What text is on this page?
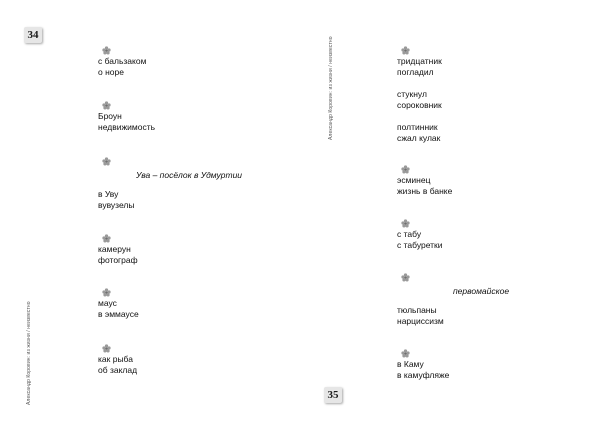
34
Александр Коровин: из жизни / неизвестно
с бальзаком
о норе
Броун
недвижимость
Ува – посёлок в Удмуртии
в Уву
вувузелы
камерун
фотограф
маус
в эммаусе
как рыба
об заклад
35
Александр Коровин: из жизни / неизвестно	тридцатник
погладил
стукнул
сороковник
полтинник
сжал кулак
эсминец
жизнь в банке
с табу
с табуретки
первомайское
тюльпаны
нарциссизм
в Каму
в камуфляже
